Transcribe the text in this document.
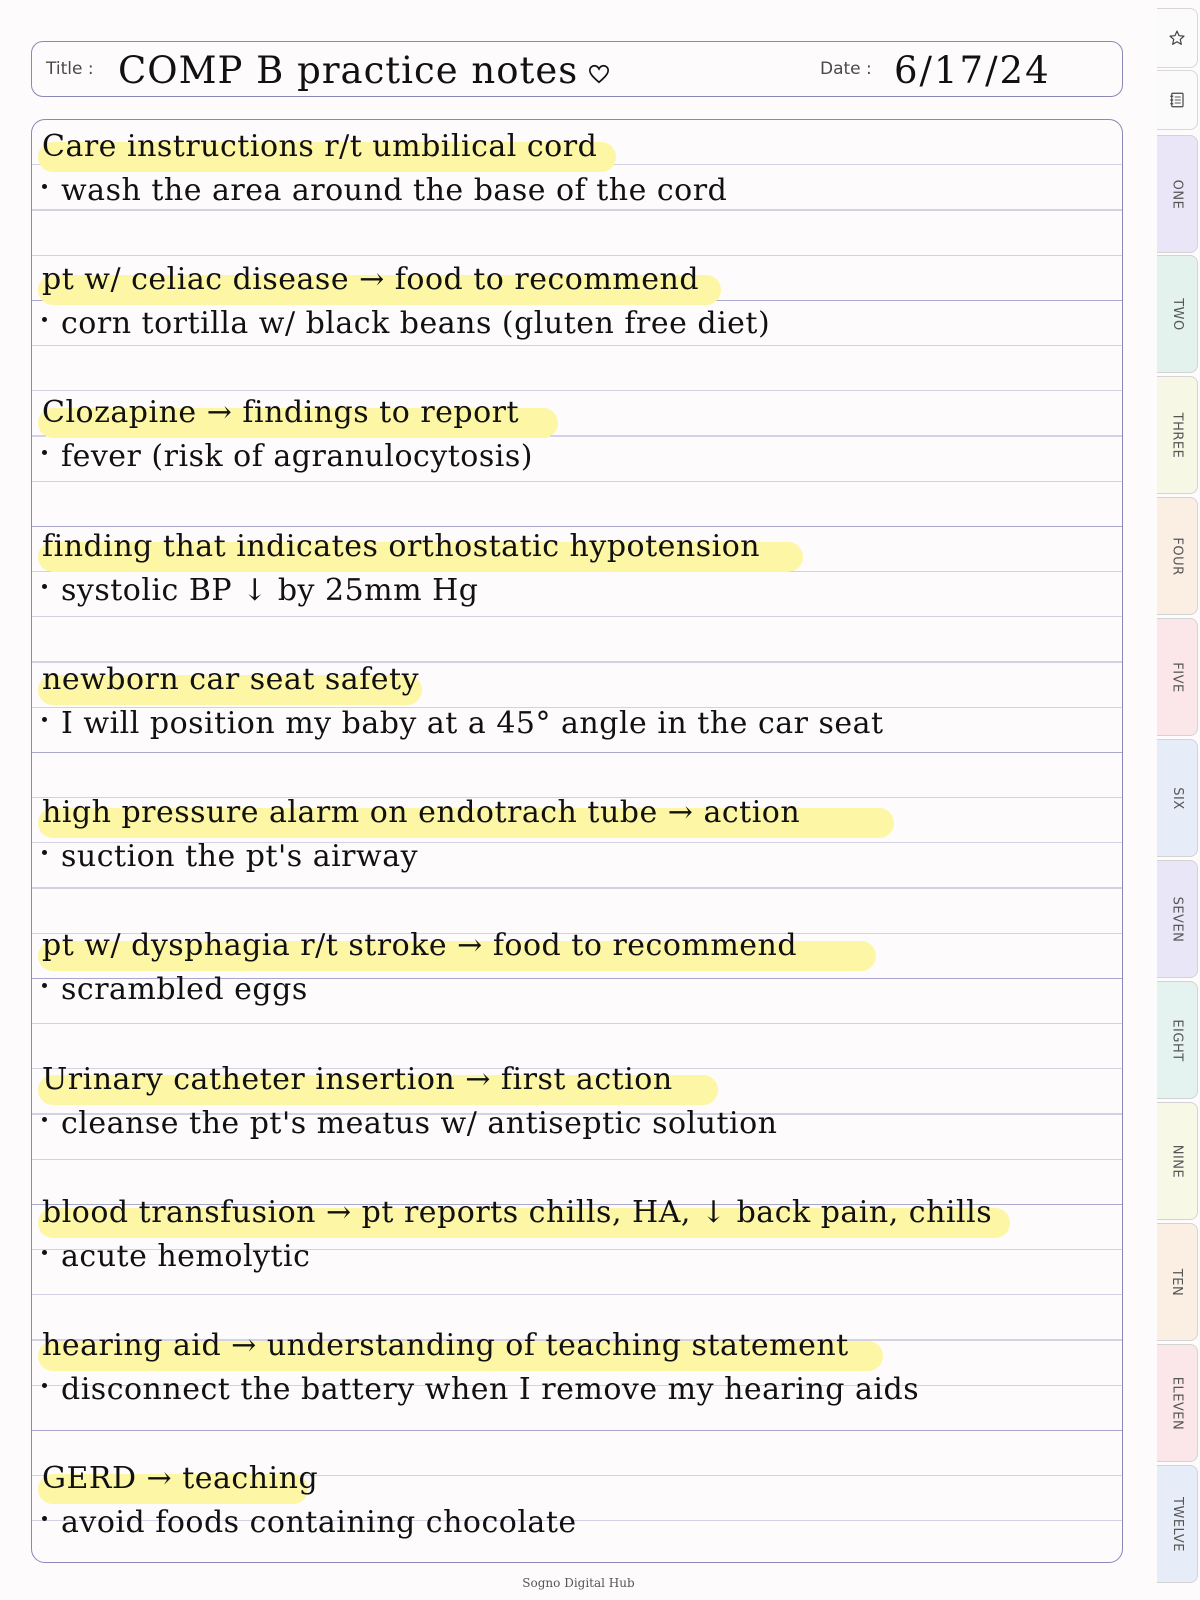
Title : COMP B practice notes	Date : 6/17/24
Care instructions r/t umbilical cord
wash the area around the base of the cord
pt w/ celiac disease → food to recommend
corn tortilla w/ black beans (gluten free diet)
Clozapine → findings to report
fever (risk of agranulocytosis)
finding that indicates orthostatic hypotension
systolic BP ↓ by 25mm Hg
newborn car seat safety
I will position my baby at a 45° angle in the car seat
high pressure alarm on endotrach tube → action
suction the pt's airway
pt w/ dysphagia r/t stroke → food to recommend
scrambled eggs
Urinary catheter insertion → first action
cleanse the pt's meatus w/ antiseptic solution
blood transfusion → pt reports chills, HA, ↓ back pain, chills
acute hemolytic
hearing aid → understanding of teaching statement
disconnect the battery when I remove my hearing aids
GERD → teaching
avoid foods containing chocolate
Sogno Digital Hub
ONE
TWO
THREE
FOUR
FIVE
SIX
SEVEN
EIGHT
NINE
TEN
ELEVEN
TWELVE
